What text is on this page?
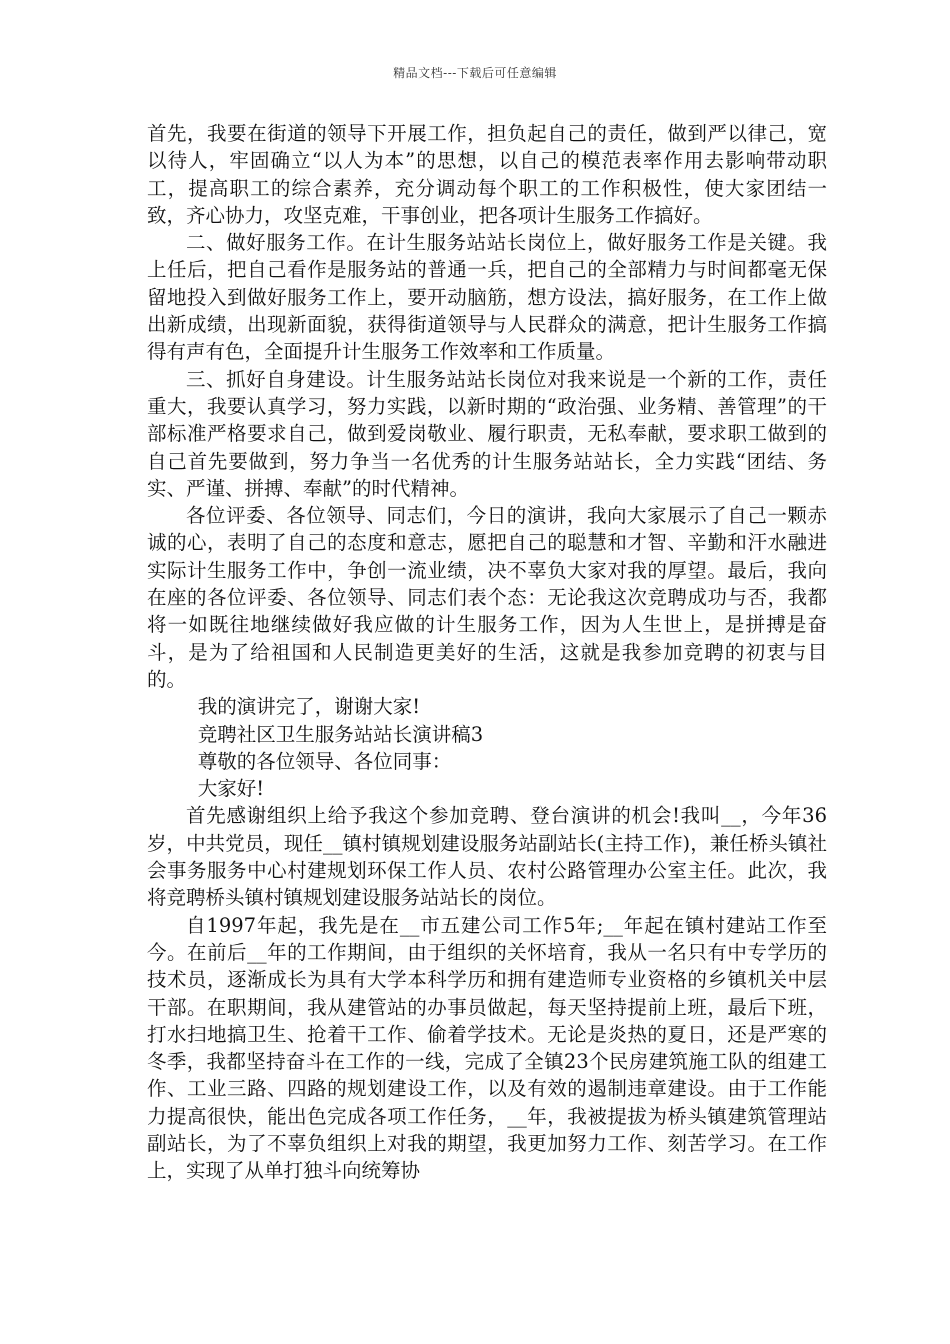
精品文档---下载后可任意编辑

首先，我要在街道的领导下开展工作，担负起自己的责任，做到严以律己，宽以待人，牢固确立“以人为本”的思想，以自己的模范表率作用去影响带动职工，提高职工的综合素养，充分调动每个职工的工作积极性，使大家团结一致，齐心协力，攻坚克难，干事创业，把各项计生服务工作搞好。

二、做好服务工作。在计生服务站站长岗位上，做好服务工作是关键。我上任后，把自己看作是服务站的普通一兵，把自己的全部精力与时间都毫无保留地投入到做好服务工作上，要开动脑筋，想方设法，搞好服务，在工作上做出新成绩，出现新面貌，获得街道领导与人民群众的满意，把计生服务工作搞得有声有色，全面提升计生服务工作效率和工作质量。

三、抓好自身建设。计生服务站站长岗位对我来说是一个新的工作，责任重大，我要认真学习，努力实践，以新时期的“政治强、业务精、善管理”的干部标准严格要求自己，做到爱岗敬业、履行职责，无私奉献，要求职工做到的自己首先要做到，努力争当一名优秀的计生服务站站长，全力实践“团结、务实、严谨、拼搏、奉献”的时代精神。

各位评委、各位领导、同志们，今日的演讲，我向大家展示了自己一颗赤诚的心，表明了自己的态度和意志，愿把自己的聪慧和才智、辛勤和汗水融进实际计生服务工作中，争创一流业绩，决不辜负大家对我的厚望。最后，我向在座的各位评委、各位领导、同志们表个态：无论我这次竞聘成功与否，我都将一如既往地继续做好我应做的计生服务工作，因为人生世上，是拼搏是奋斗，是为了给祖国和人民制造更美好的生活，这就是我参加竞聘的初衷与目的。

我的演讲完了，谢谢大家!

竞聘社区卫生服务站站长演讲稿3

尊敬的各位领导、各位同事：

大家好!

首先感谢组织上给予我这个参加竞聘、登台演讲的机会!我叫__，今年36岁，中共党员，现任__镇村镇规划建设服务站副站长(主持工作)，兼任桥头镇社会事务服务中心村建规划环保工作人员、农村公路管理办公室主任。此次，我将竞聘桥头镇村镇规划建设服务站站长的岗位。

自1997年起，我先是在__市五建公司工作5年;__年起在镇村建站工作至今。在前后__年的工作期间，由于组织的关怀培育，我从一名只有中专学历的技术员，逐渐成长为具有大学本科学历和拥有建造师专业资格的乡镇机关中层干部。在职期间，我从建管站的办事员做起，每天坚持提前上班，最后下班，打水扫地搞卫生、抢着干工作、偷着学技术。无论是炎热的夏日，还是严寒的冬季，我都坚持奋斗在工作的一线，完成了全镇23个民房建筑施工队的组建工作、工业三路、四路的规划建设工作，以及有效的遏制违章建设。由于工作能力提高很快，能出色完成各项工作任务，__年，我被提拔为桥头镇建筑管理站副站长，为了不辜负组织上对我的期望，我更加努力工作、刻苦学习。在工作上，实现了从单打独斗向统筹协
